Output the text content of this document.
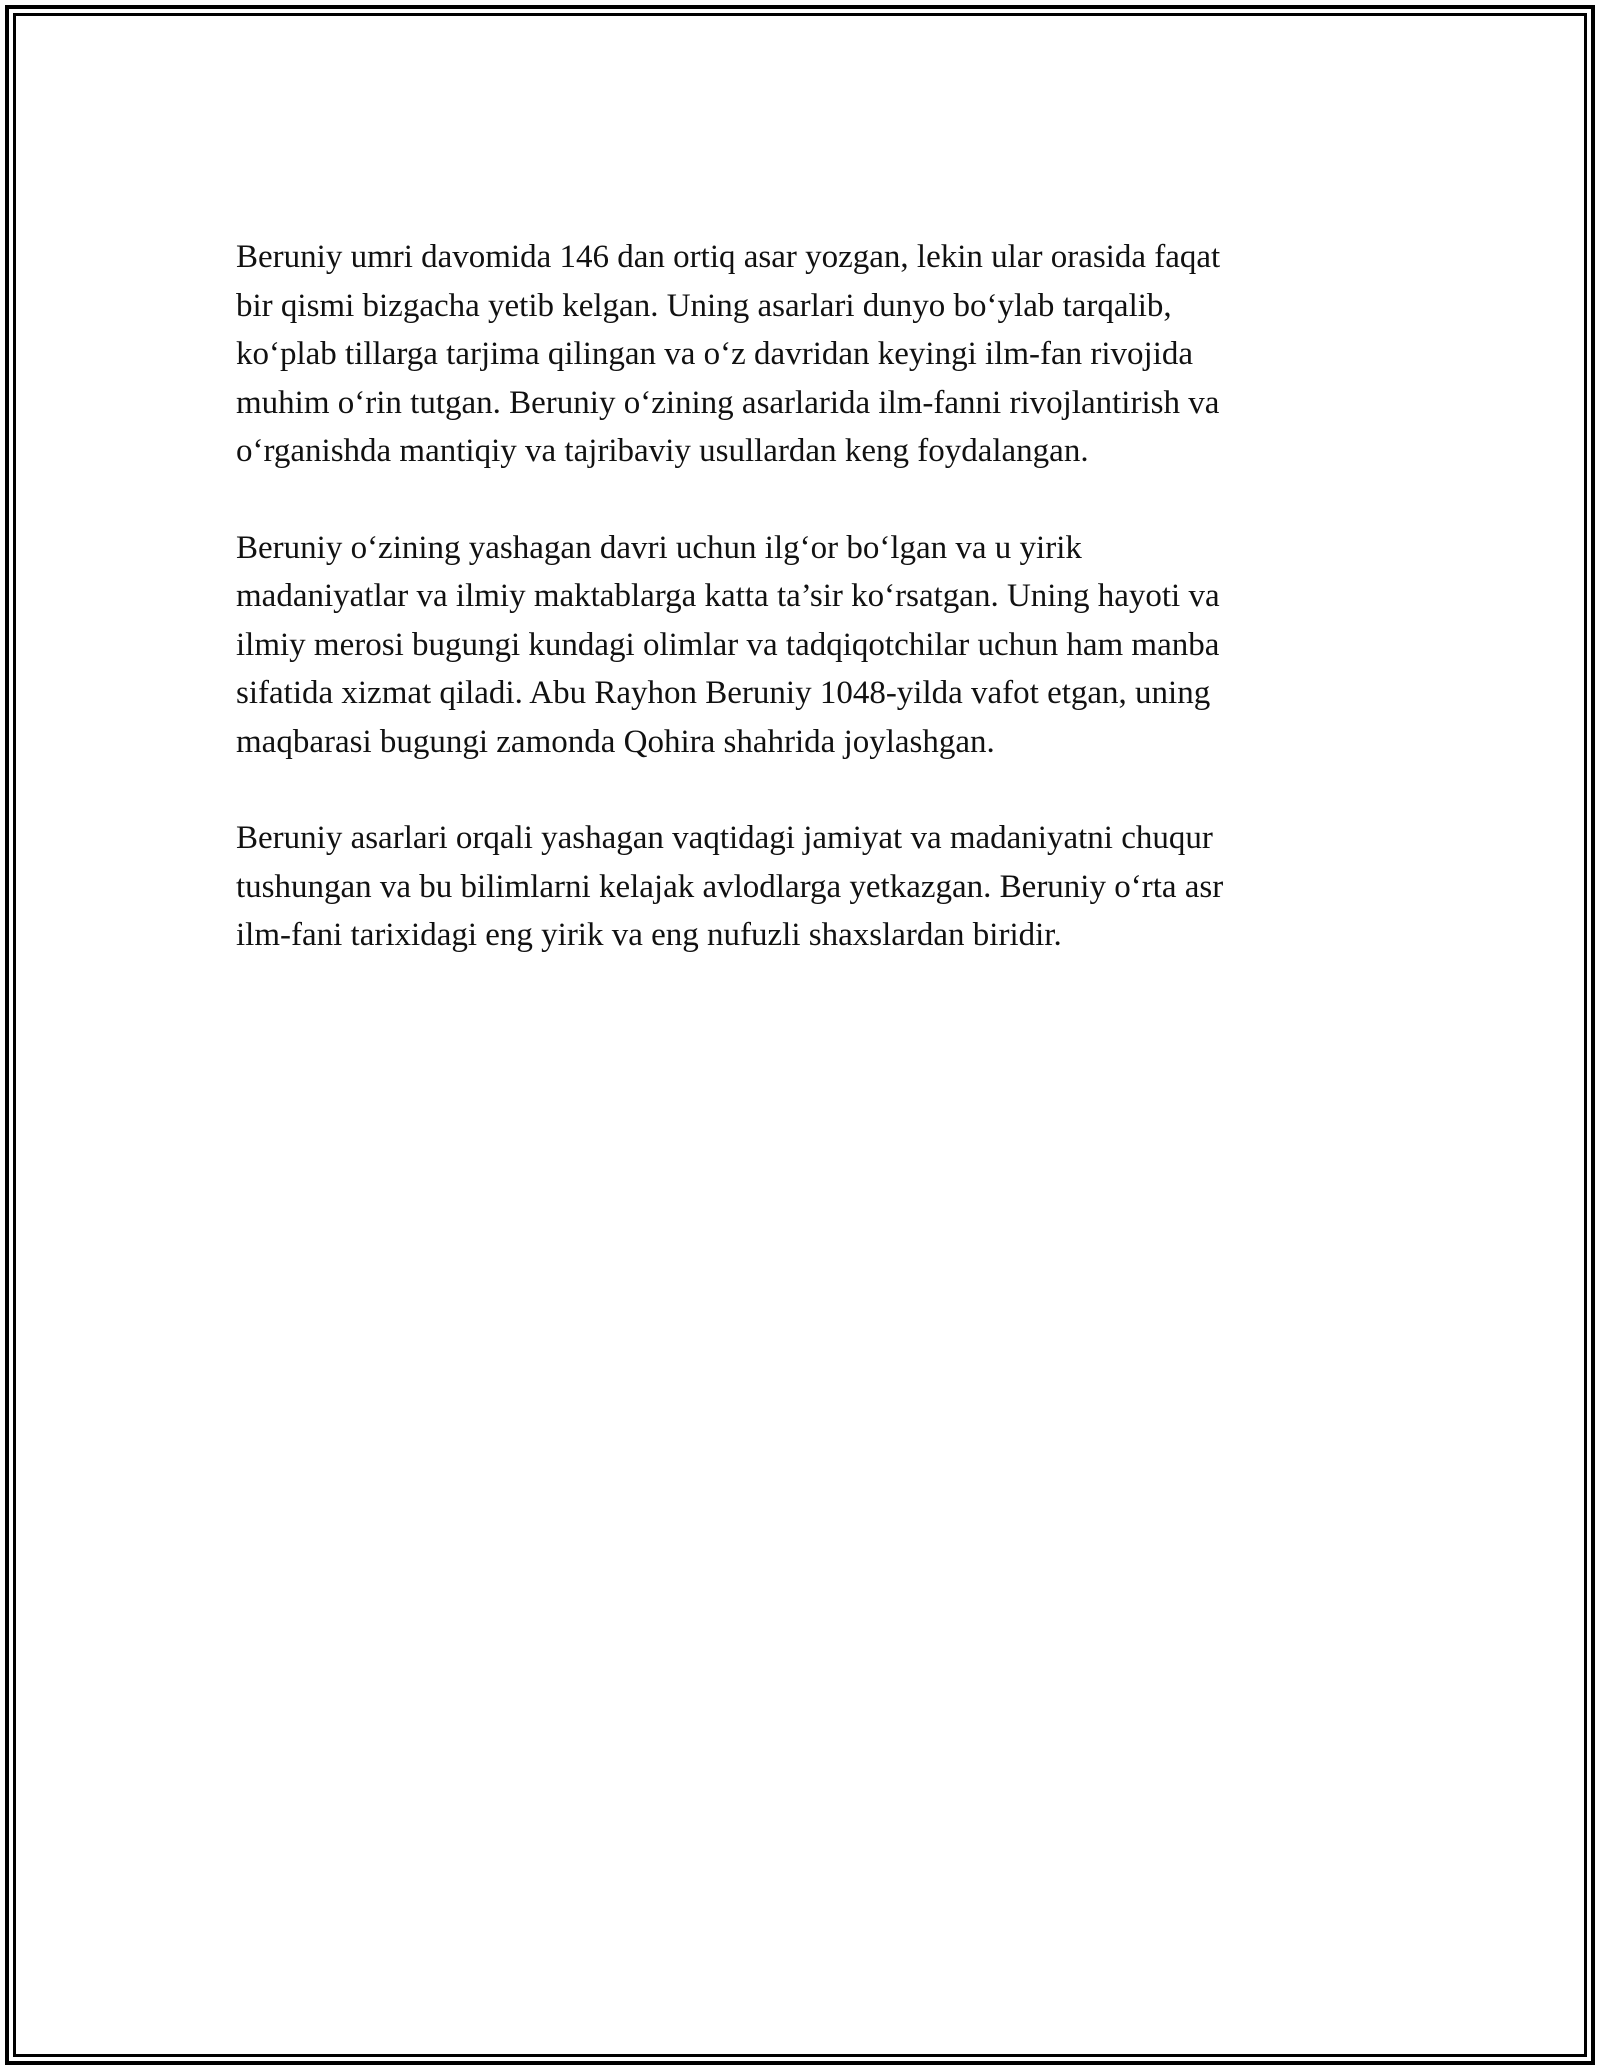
Beruniy umri davomida 146 dan ortiq asar yozgan, lekin ular orasida faqat
bir qismi bizgacha yetib kelgan. Uning asarlari dunyo bo‘ylab tarqalib,
ko‘plab tillarga tarjima qilingan va o‘z davridan keyingi ilm-fan rivojida
muhim o‘rin tutgan. Beruniy o‘zining asarlarida ilm-fanni rivojlantirish va
o‘rganishda mantiqiy va tajribaviy usullardan keng foydalangan.

Beruniy o‘zining yashagan davri uchun ilg‘or bo‘lgan va u yirik
madaniyatlar va ilmiy maktablarga katta ta’sir ko‘rsatgan. Uning hayoti va
ilmiy merosi bugungi kundagi olimlar va tadqiqotchilar uchun ham manba
sifatida xizmat qiladi. Abu Rayhon Beruniy 1048-yilda vafot etgan, uning
maqbarasi bugungi zamonda Qohira shahrida joylashgan.

Beruniy asarlari orqali yashagan vaqtidagi jamiyat va madaniyatni chuqur
tushungan va bu bilimlarni kelajak avlodlarga yetkazgan. Beruniy o‘rta asr
ilm-fani tarixidagi eng yirik va eng nufuzli shaxslardan biridir.
